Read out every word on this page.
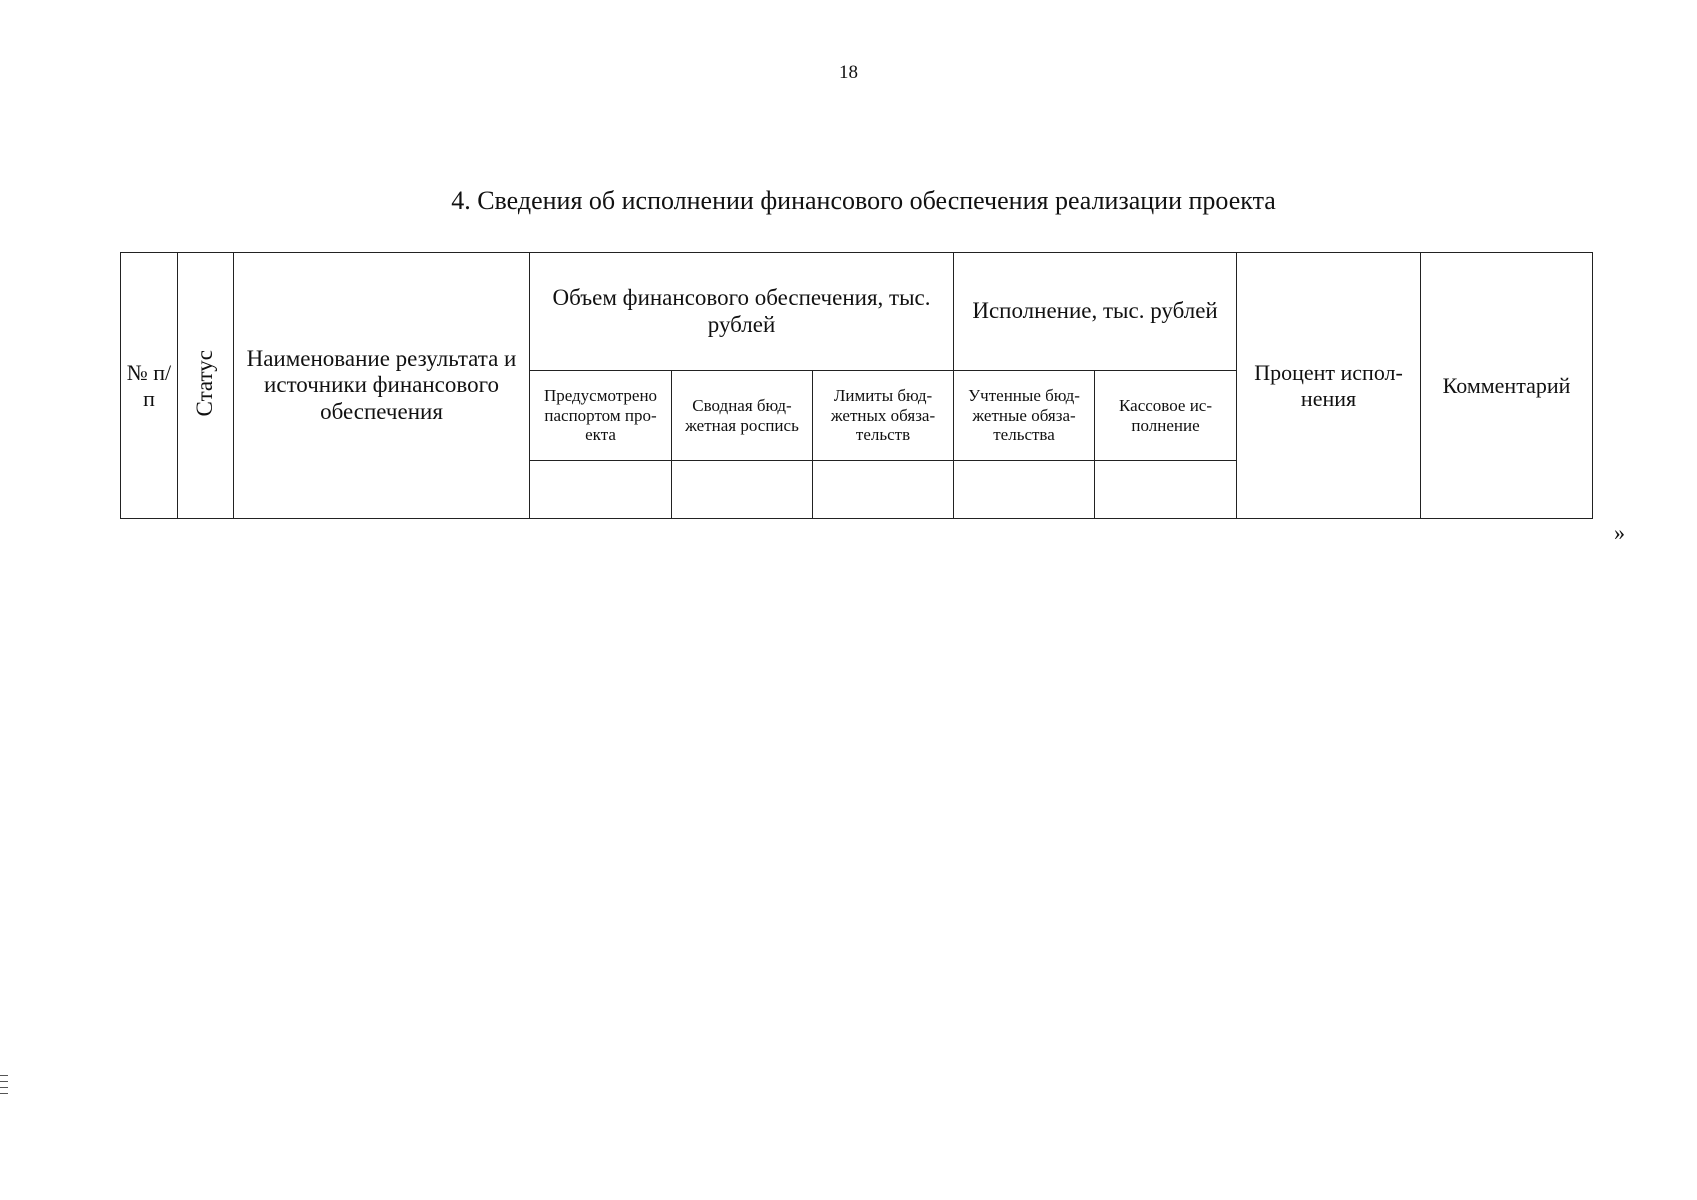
18
4. Сведения об исполнении финансового обеспечения реализации проекта
№ п/п	Статус	Наименование результата и источники финансового обеспечения	Объем финансового обеспечения, тыс. рублей			Исполнение, тыс. рублей		Процент испол-нения	Комментарий
			Предусмотрено паспортом про-екта	Сводная бюд-жетная роспись	Лимиты бюд-жетных обяза-тельств	Учтенные бюд-жетные обяза-тельства	Кассовое ис-полнение		

»
